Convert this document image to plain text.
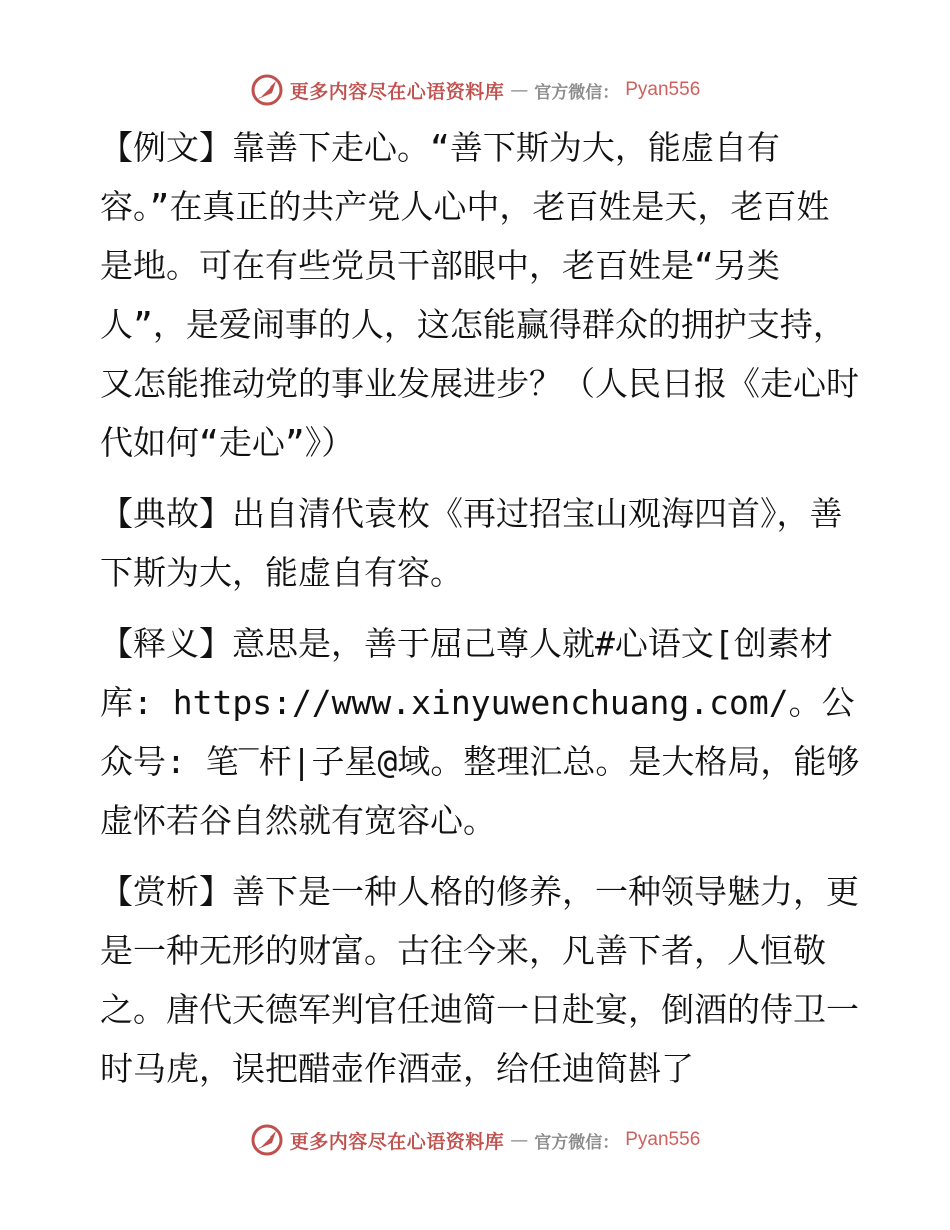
更多内容尽在心语资料库 — 官方微信： Pyan556

【例文】靠善下走心。“善下斯为大，能虚自有容。”在真正的共产党人心中，老百姓是天，老百姓是地。可在有些党员干部眼中，老百姓是“另类人”，是爱闹事的人，这怎能赢得群众的拥护支持，又怎能推动党的事业发展进步？（人民日报《走心时代如何“走心”》）

【典故】出自清代袁枚《再过招宝山观海四首》，善下斯为大，能虚自有容。

【释义】意思是，善于屈己尊人就#心语文[创素材库: https://www.xinyuwenchuang.com/。公众号: 笔‾杆|子星@域。整理汇总。是大格局，能够虚怀若谷自然就有宽容心。

【赏析】善下是一种人格的修养，一种领导魅力，更是一种无形的财富。古往今来，凡善下者，人恒敬之。唐代天德军判官任迪简一日赴宴，倒酒的侍卫一时马虎，误把醋壶作酒壶，给任迪简斟了

更多内容尽在心语资料库 — 官方微信： Pyan556
